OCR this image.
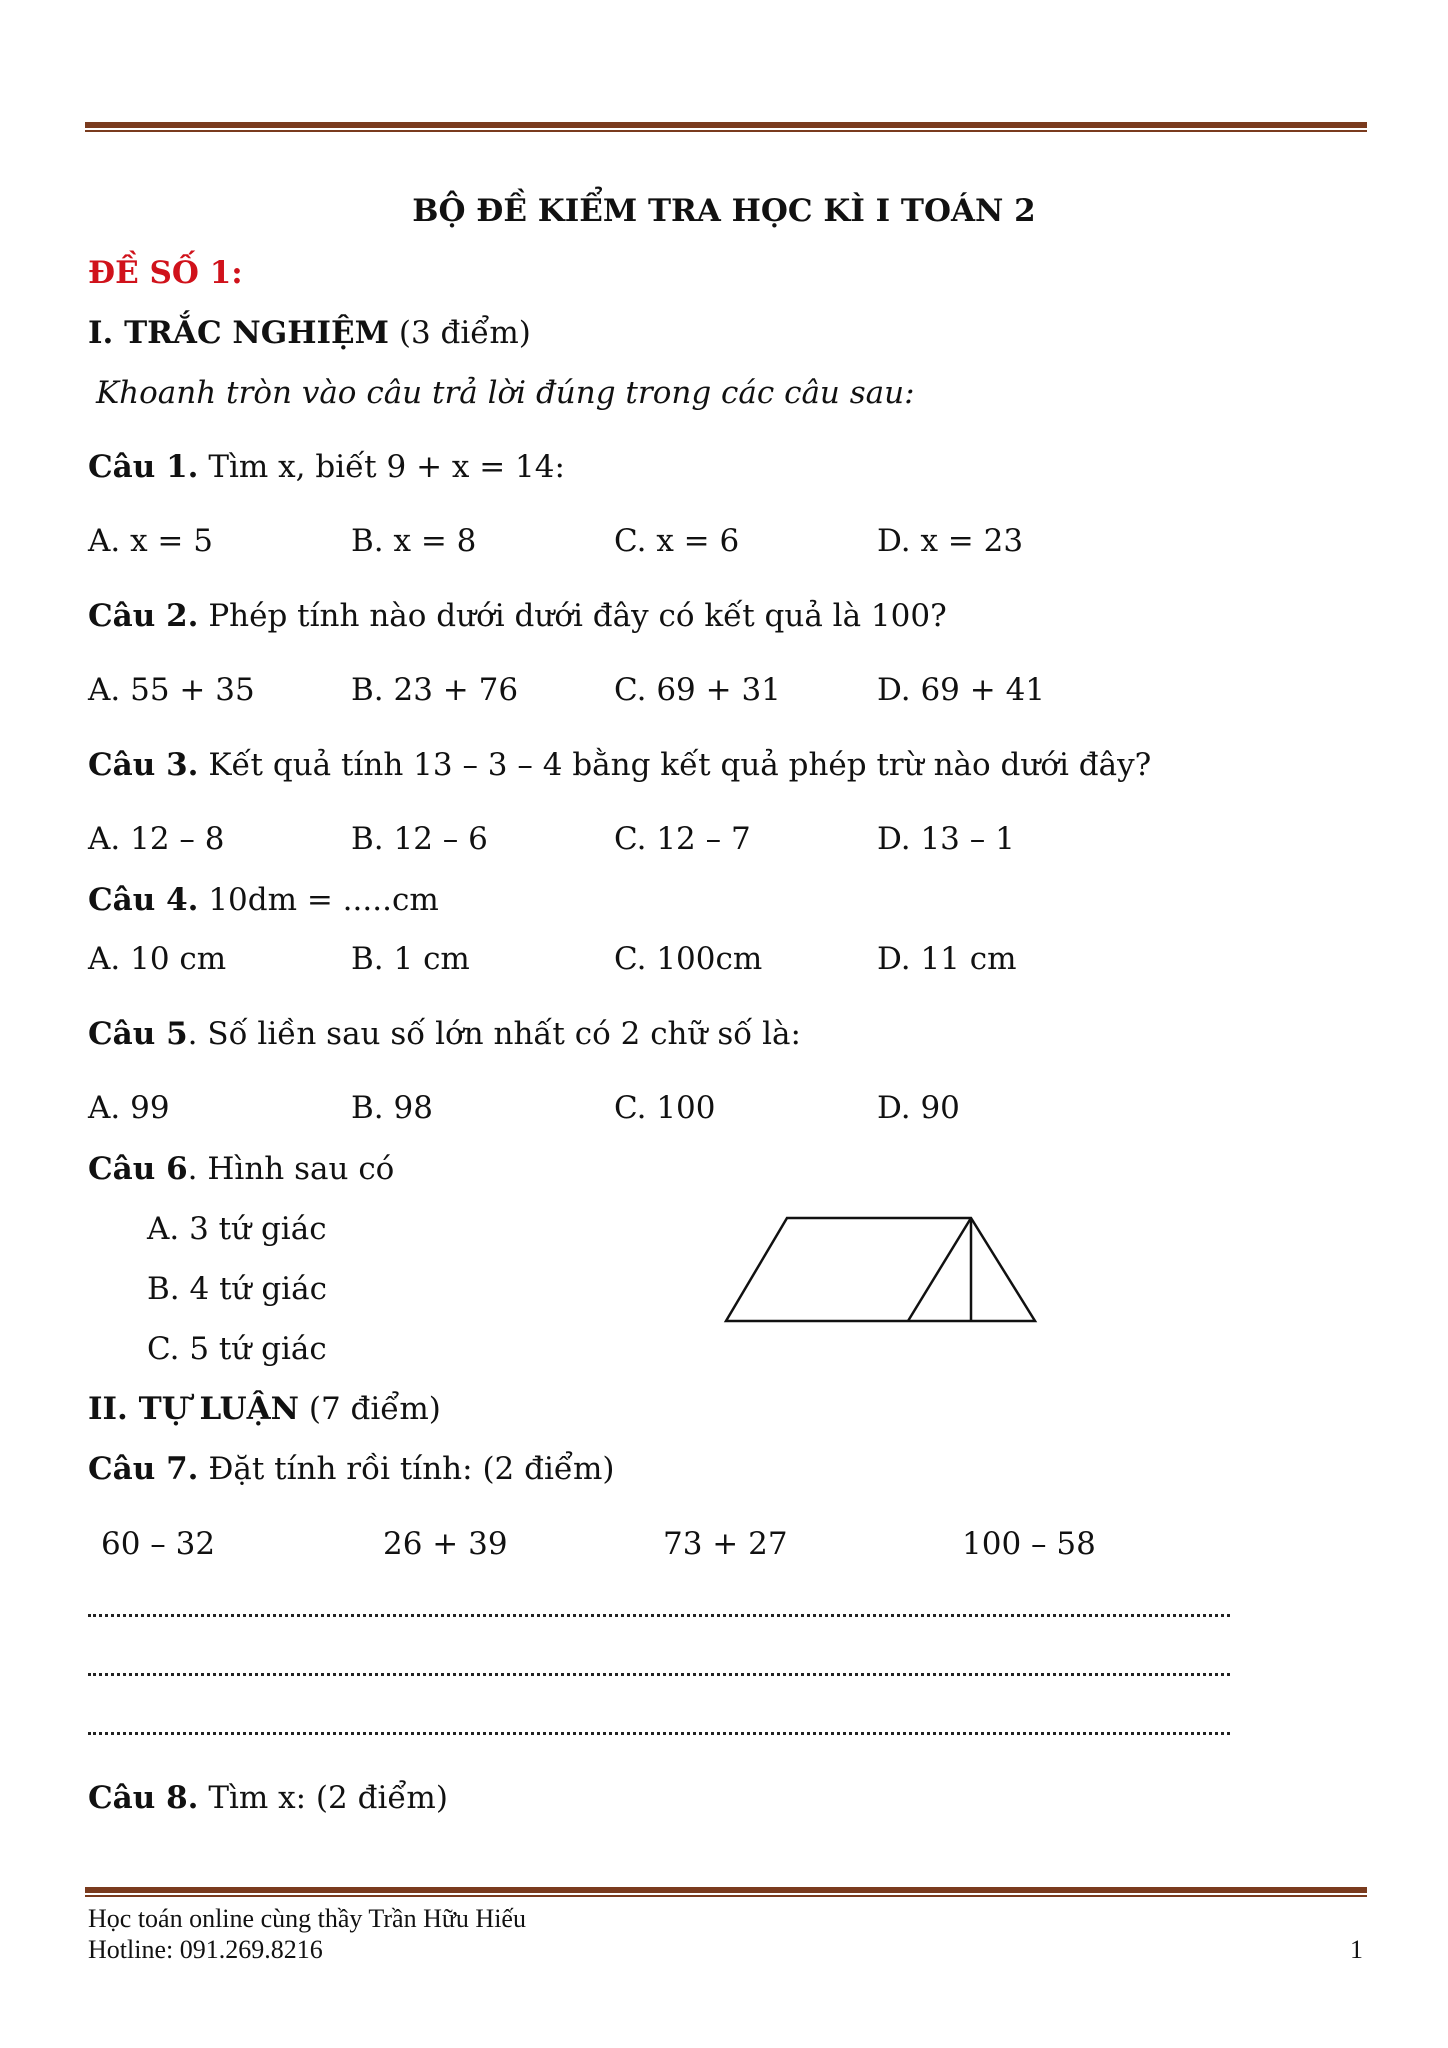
BỘ ĐỀ KIỂM TRA HỌC KÌ I TOÁN 2
ĐỀ SỐ 1:
I. TRẮC NGHIỆM (3 điểm)
Khoanh tròn vào câu trả lời đúng trong các câu sau:
Câu 1. Tìm x, biết 9 + x = 14:
A. x = 5	B. x = 8	C. x = 6	D. x = 23
Câu 2. Phép tính nào dưới dưới đây có kết quả là 100?
A. 55 + 35	B. 23 + 76	C. 69 + 31	D. 69 + 41
Câu 3. Kết quả tính 13 – 3 – 4 bằng kết quả phép trừ nào dưới đây?
A. 12 – 8	B. 12 – 6	C. 12 – 7	D. 13 – 1
Câu 4. 10dm = .....cm
A. 10 cm	B. 1 cm	C. 100cm	D. 11 cm
Câu 5. Số liền sau số lớn nhất có 2 chữ số là:
A. 99	B. 98	C. 100	D. 90
Câu 6. Hình sau có
A. 3 tứ giác
B. 4 tứ giác
C. 5 tứ giác
II. TỰ LUẬN (7 điểm)
Câu 7. Đặt tính rồi tính: (2 điểm)
60 – 32	26 + 39	73 + 27	100 – 58
Câu 8. Tìm x: (2 điểm)
Học toán online cùng thầy Trần Hữu Hiếu
Hotline: 091.269.8216	1
